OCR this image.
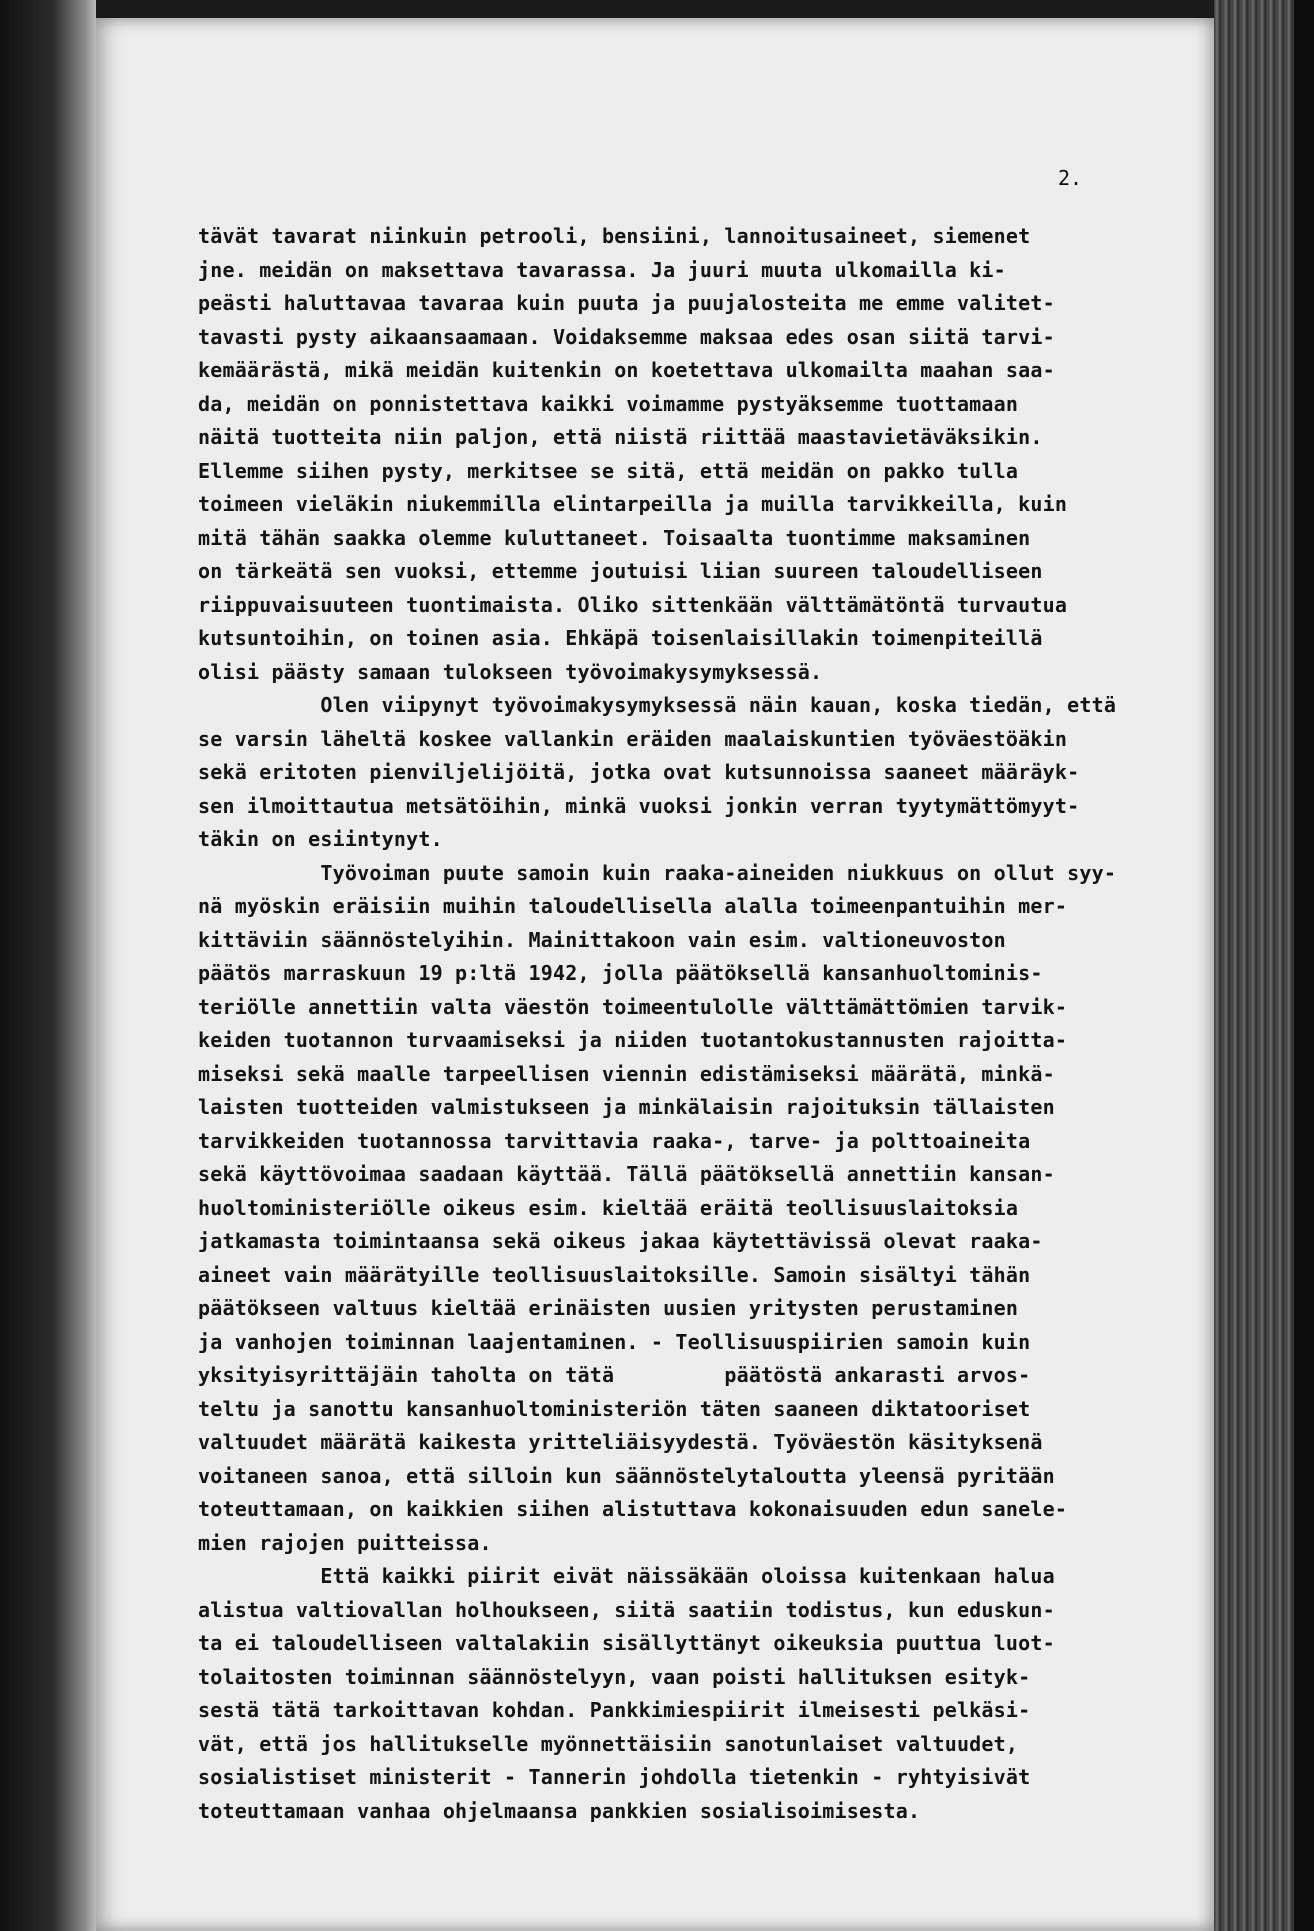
2.
tävät tavarat niinkuin petrooli, bensiini, lannoitusaineet, siemenet
jne. meidän on maksettava tavarassa. Ja juuri muuta ulkomailla ki-
peästi haluttavaa tavaraa kuin puuta ja puujalosteita me emme valitet-
tavasti pysty aikaansaamaan. Voidaksemme maksaa edes osan siitä tarvi-
kemäärästä, mikä meidän kuitenkin on koetettava ulkomailta maahan saa-
da, meidän on ponnistettava kaikki voimamme pystyäksemme tuottamaan
näitä tuotteita niin paljon, että niistä riittää maastavietäväksikin.
Ellemme siihen pysty, merkitsee se sitä, että meidän on pakko tulla
toimeen vieläkin niukemmilla elintarpeilla ja muilla tarvikkeilla, kuin
mitä tähän saakka olemme kuluttaneet. Toisaalta tuontimme maksaminen
on tärkeätä sen vuoksi, ettemme joutuisi liian suureen taloudelliseen
riippuvaisuuteen tuontimaista. Oliko sittenkään välttämätöntä turvautua
kutsuntoihin, on toinen asia. Ehkäpä toisenlaisillakin toimenpiteillä
olisi päästy samaan tulokseen työvoimakysymyksessä.
Olen viipynyt työvoimakysymyksessä näin kauan, koska tiedän, että
se varsin läheltä koskee vallankin eräiden maalaiskuntien työväestöäkin
sekä eritoten pienviljelijöitä, jotka ovat kutsunnoissa saaneet määräyk-
sen ilmoittautua metsätöihin, minkä vuoksi jonkin verran tyytymättömyyt-
täkin on esiintynyt.
Työvoiman puute samoin kuin raaka-aineiden niukkuus on ollut syy-
nä myöskin eräisiin muihin taloudellisella alalla toimeenpantuihin mer-
kittäviin säännöstelyihin. Mainittakoon vain esim. valtioneuvoston
päätös marraskuun 19 p:ltä 1942, jolla päätöksellä kansanhuoltominis-
teriölle annettiin valta väestön toimeentulolle välttämättömien tarvik-
keiden tuotannon turvaamiseksi ja niiden tuotantokustannusten rajoitta-
miseksi sekä maalle tarpeellisen viennin edistämiseksi määrätä, minkä-
laisten tuotteiden valmistukseen ja minkälaisin rajoituksin tällaisten
tarvikkeiden tuotannossa tarvittavia raaka-, tarve- ja polttoaineita
sekä käyttövoimaa saadaan käyttää. Tällä päätöksellä annettiin kansan-
huoltoministeriölle oikeus esim. kieltää eräitä teollisuuslaitoksia
jatkamasta toimintaansa sekä oikeus jakaa käytettävissä olevat raaka-
aineet vain määrätyille teollisuuslaitoksille. Samoin sisältyi tähän
päätökseen valtuus kieltää erinäisten uusien yritysten perustaminen
ja vanhojen toiminnan laajentaminen. - Teollisuuspiirien samoin kuin
yksityisyrittäjäin taholta on tätä         päätöstä ankarasti arvos-
teltu ja sanottu kansanhuoltoministeriön täten saaneen diktatooriset
valtuudet määrätä kaikesta yritteliäisyydestä. Työväestön käsityksenä
voitaneen sanoa, että silloin kun säännöstelytaloutta yleensä pyritään
toteuttamaan, on kaikkien siihen alistuttava kokonaisuuden edun sanele-
mien rajojen puitteissa.
Että kaikki piirit eivät näissäkään oloissa kuitenkaan halua
alistua valtiovallan holhoukseen, siitä saatiin todistus, kun eduskun-
ta ei taloudelliseen valtalakiin sisällyttänyt oikeuksia puuttua luot-
tolaitosten toiminnan säännöstelyyn, vaan poisti hallituksen esityk-
sestä tätä tarkoittavan kohdan. Pankkimiespiirit ilmeisesti pelkäsi-
vät, että jos hallitukselle myönnettäisiin sanotunlaiset valtuudet,
sosialistiset ministerit - Tannerin johdolla tietenkin - ryhtyisivät
toteuttamaan vanhaa ohjelmaansa pankkien sosialisoimisesta.
